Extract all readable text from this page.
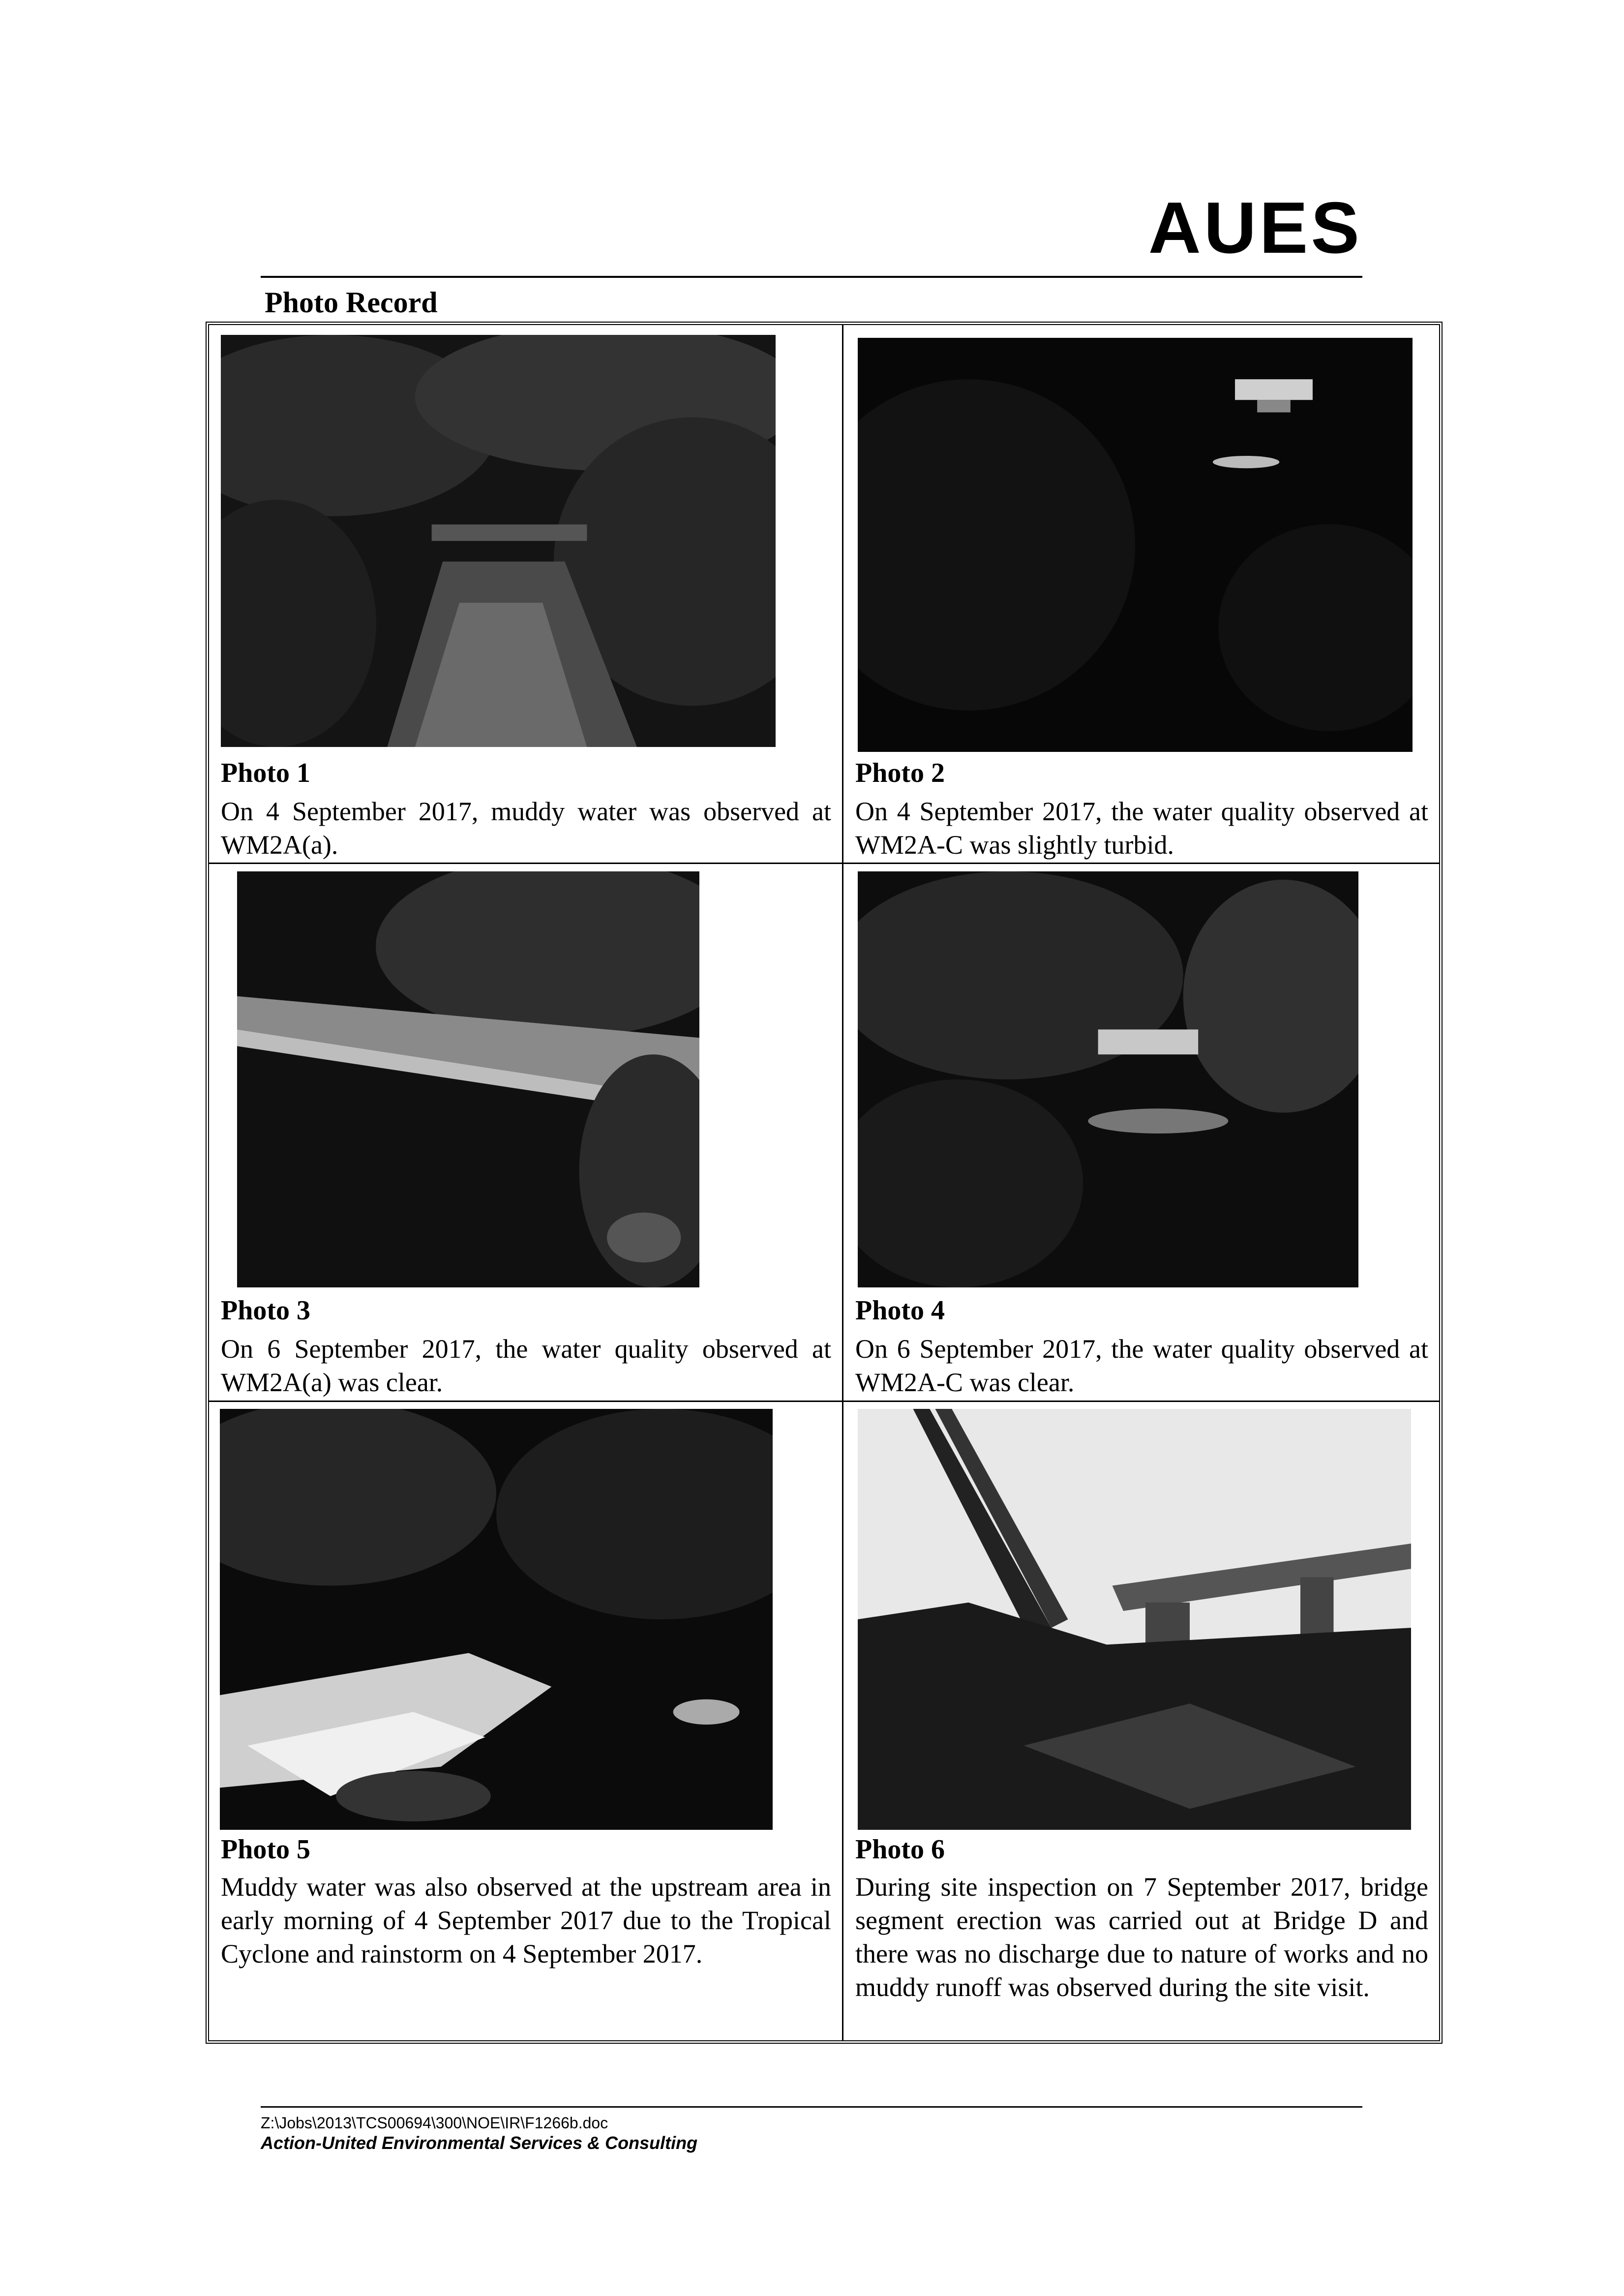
AUES
Photo Record
Photo 1
On 4 September 2017, muddy water was observed at WM2A(a).
Photo 2
On 4 September 2017, the water quality observed at WM2A-C was slightly turbid.
Photo 3
On 6 September 2017, the water quality observed at WM2A(a) was clear.
Photo 4
On 6 September 2017, the water quality observed at WM2A-C was clear.
Photo 5
Muddy water was also observed at the upstream area in early morning of 4 September 2017 due to the Tropical Cyclone and rainstorm on 4 September 2017.
Photo 6
During site inspection on 7 September 2017, bridge segment erection was carried out at Bridge D and there was no discharge due to nature of works and no muddy runoff was observed during the site visit.
Z:\Jobs\2013\TCS00694\300\NOE\IR\F1266b.doc
Action-United Environmental Services & Consulting
